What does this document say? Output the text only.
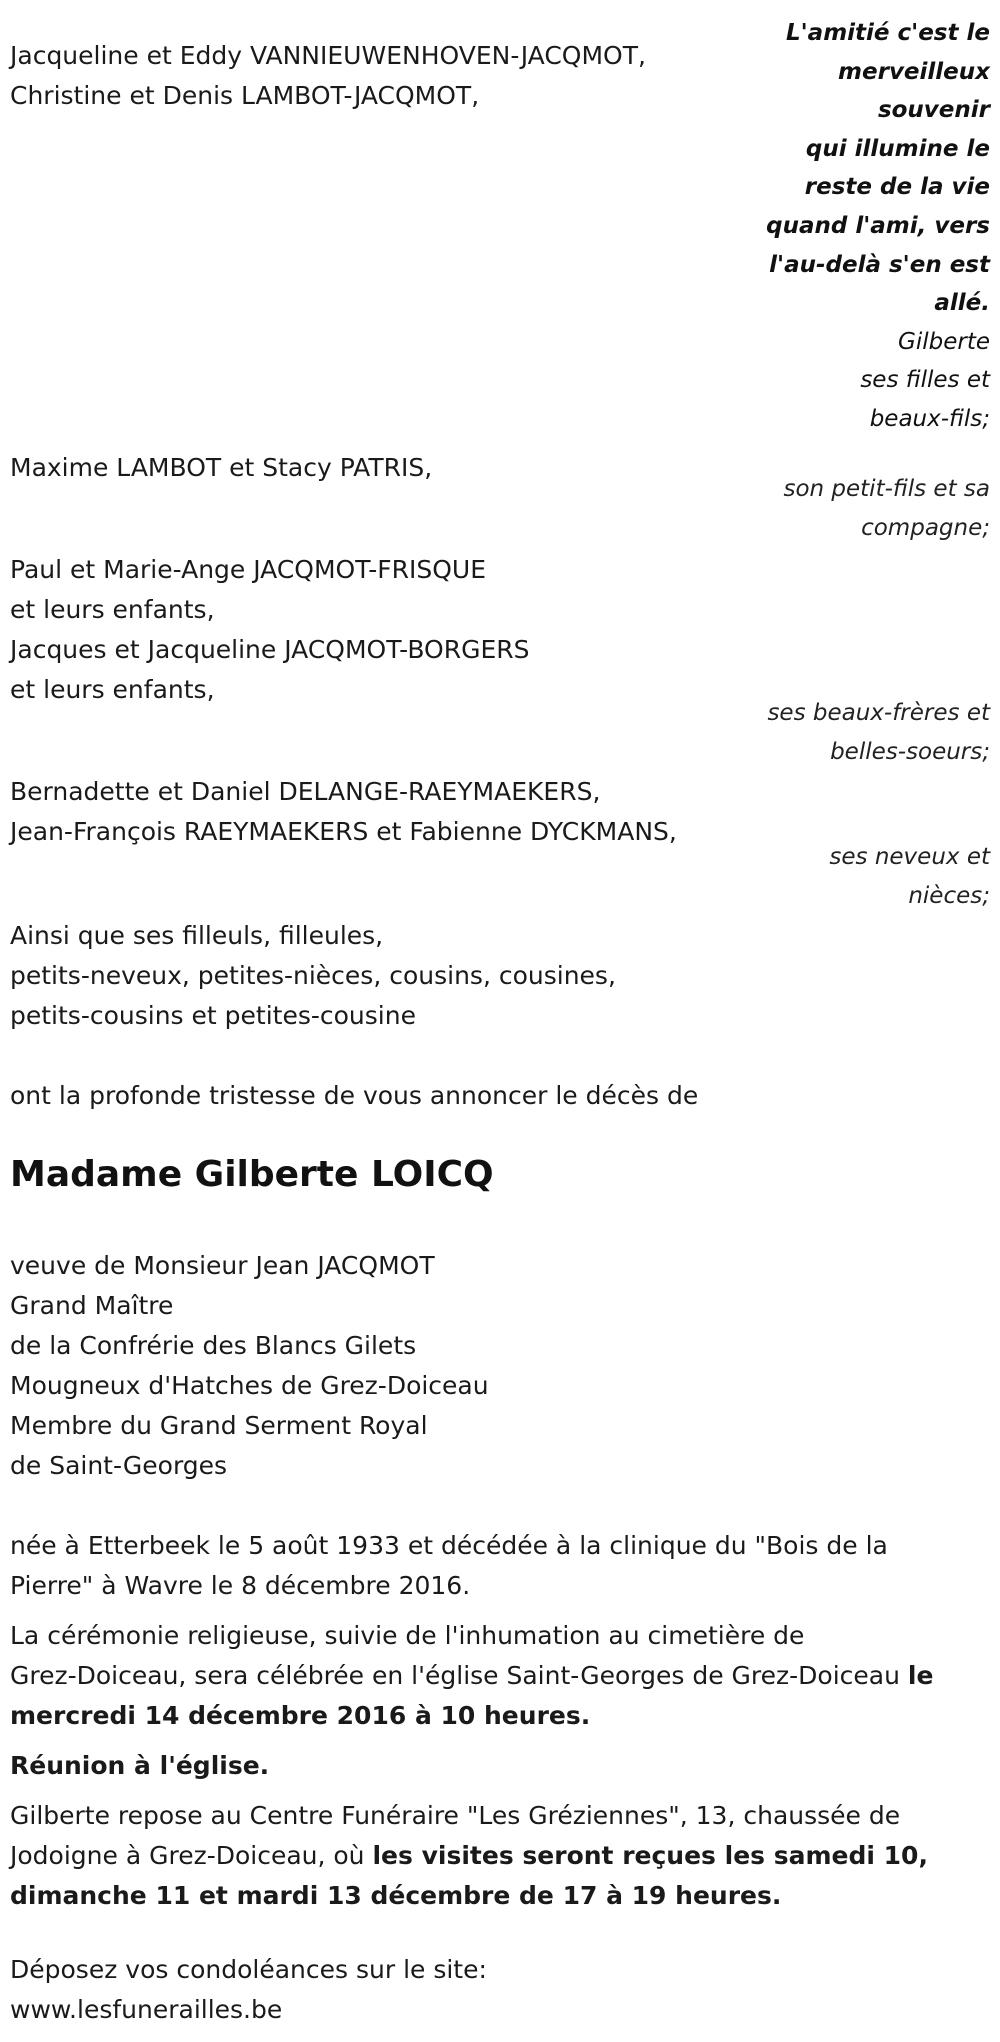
L'amitié c'est le
merveilleux
souvenir
qui illumine le
reste de la vie
quand l'ami, vers
l'au-delà s'en est
allé.
Gilberte
ses filles et
beaux-fils;
Jacqueline et Eddy VANNIEUWENHOVEN-JACQMOT,
Christine et Denis LAMBOT-JACQMOT,
Maxime LAMBOT et Stacy PATRIS,
son petit-fils et sa
compagne;
Paul et Marie-Ange JACQMOT-FRISQUE
et leurs enfants,
Jacques et Jacqueline JACQMOT-BORGERS
et leurs enfants,
ses beaux-frères et
belles-soeurs;
Bernadette et Daniel DELANGE-RAEYMAEKERS,
Jean-François RAEYMAEKERS et Fabienne DYCKMANS,
ses neveux et
nièces;
Ainsi que ses filleuls, filleules,
petits-neveux, petites-nièces, cousins, cousines,
petits-cousins et petites-cousine
ont la profonde tristesse de vous annoncer le décès de
Madame Gilberte LOICQ
veuve de Monsieur Jean JACQMOT
Grand Maître
de la Confrérie des Blancs Gilets
Mougneux d'Hatches de Grez-Doiceau
Membre du Grand Serment Royal
de Saint-Georges
née à Etterbeek le 5 août 1933 et décédée à la clinique du "Bois de la
Pierre" à Wavre le 8 décembre 2016.
La cérémonie religieuse, suivie de l'inhumation au cimetière de
Grez-Doiceau, sera célébrée en l'église Saint-Georges de Grez-Doiceau le
mercredi 14 décembre 2016 à 10 heures.
Réunion à l'église.
Gilberte repose au Centre Funéraire "Les Gréziennes", 13, chaussée de
Jodoigne à Grez-Doiceau, où les visites seront reçues les samedi 10,
dimanche 11 et mardi 13 décembre de 17 à 19 heures.
Déposez vos condoléances sur le site:
www.lesfunerailles.be
